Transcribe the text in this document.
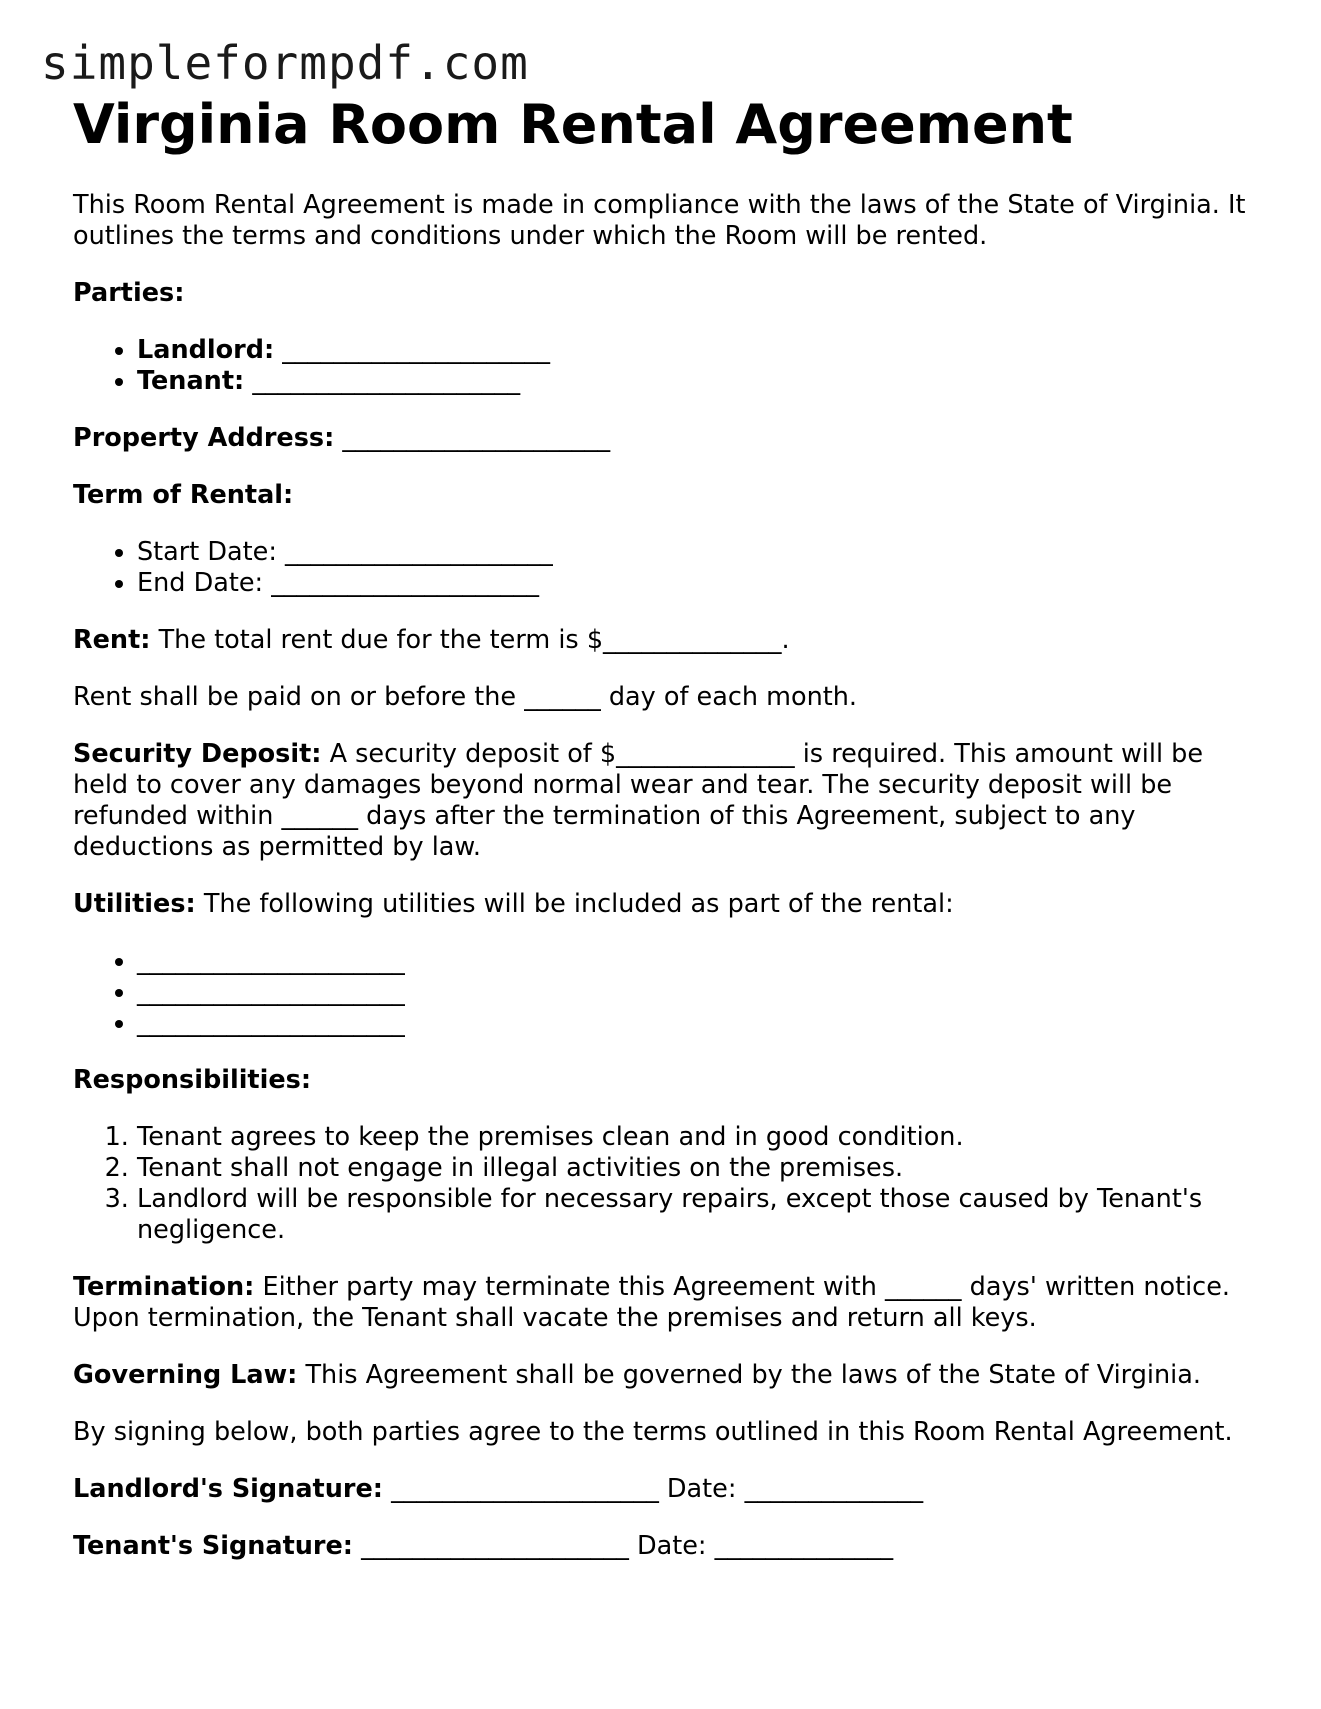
simpleformpdf.com
Virginia Room Rental Agreement

This Room Rental Agreement is made in compliance with the laws of the State of Virginia. It outlines the terms and conditions under which the Room will be rented.

Parties:

• Landlord: _____________________
• Tenant: _____________________

Property Address: _____________________

Term of Rental:

• Start Date: _____________________
• End Date: _____________________

Rent: The total rent due for the term is $______________.

Rent shall be paid on or before the ______ day of each month.

Security Deposit: A security deposit of $______________ is required. This amount will be held to cover any damages beyond normal wear and tear. The security deposit will be refunded within ______ days after the termination of this Agreement, subject to any deductions as permitted by law.

Utilities: The following utilities will be included as part of the rental:

• _____________________
• _____________________
• _____________________

Responsibilities:

1. Tenant agrees to keep the premises clean and in good condition.
2. Tenant shall not engage in illegal activities on the premises.
3. Landlord will be responsible for necessary repairs, except those caused by Tenant's negligence.

Termination: Either party may terminate this Agreement with ______ days' written notice. Upon termination, the Tenant shall vacate the premises and return all keys.

Governing Law: This Agreement shall be governed by the laws of the State of Virginia.

By signing below, both parties agree to the terms outlined in this Room Rental Agreement.

Landlord's Signature: _____________________ Date: ______________

Tenant's Signature: _____________________ Date: ______________
